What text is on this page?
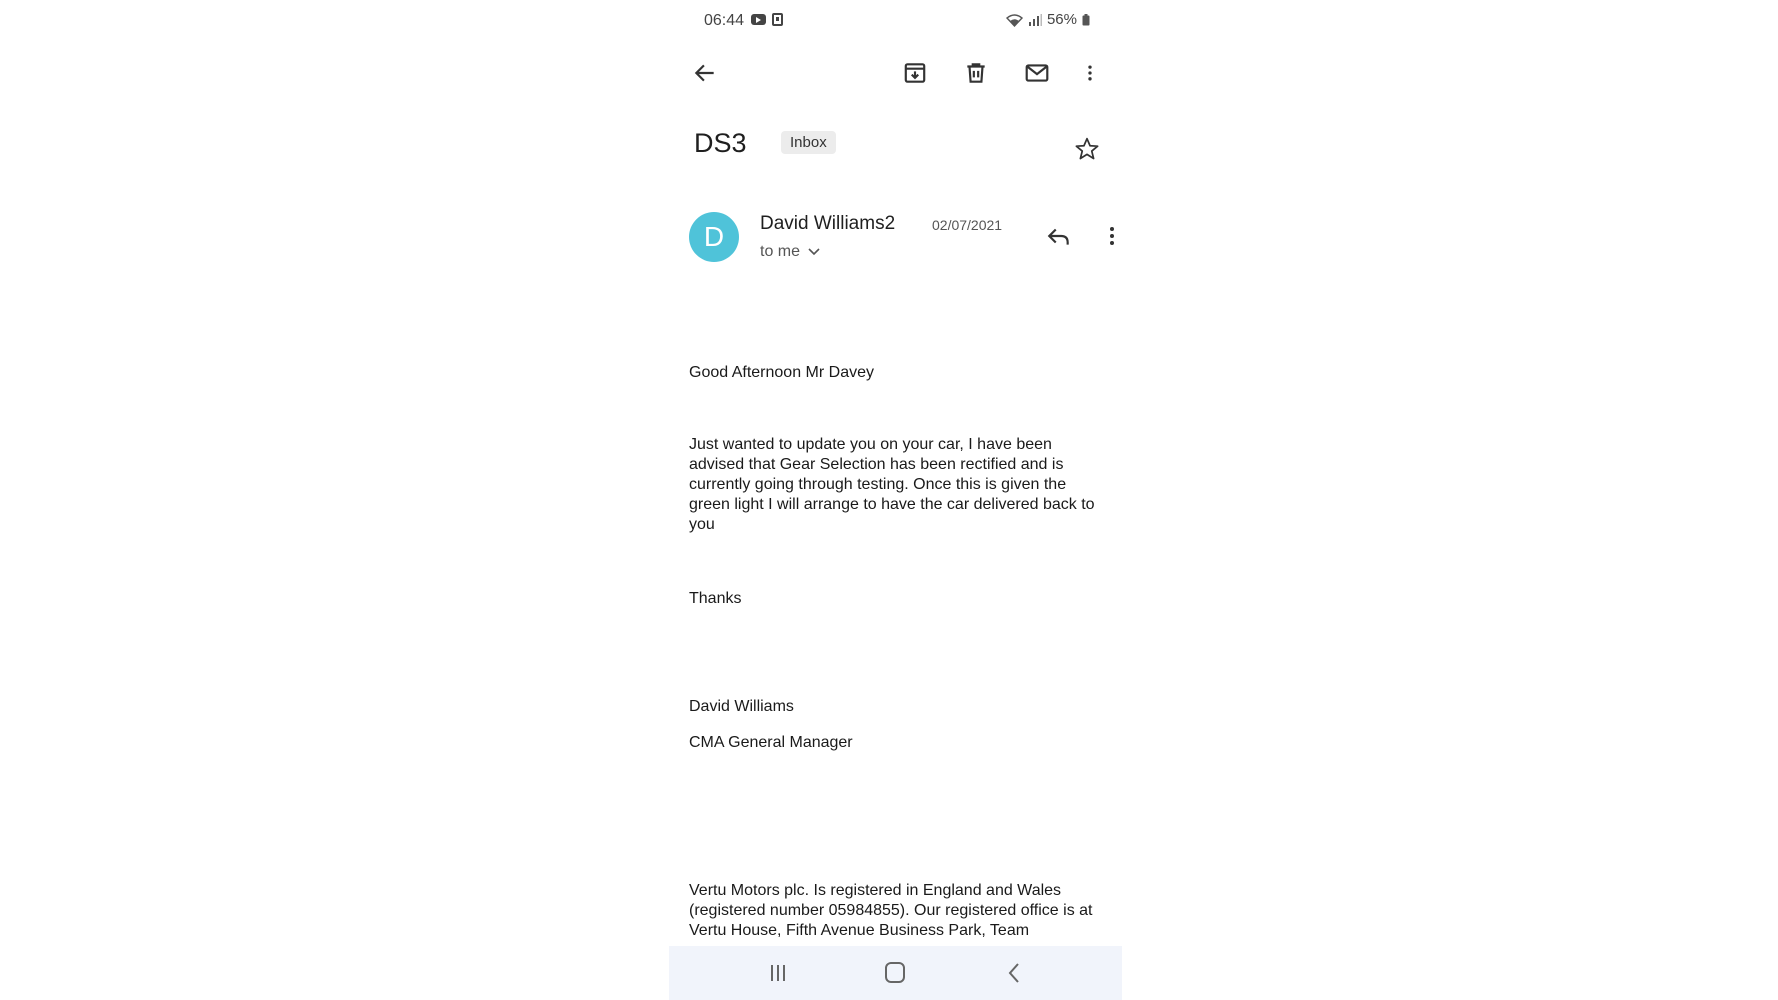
06:44	56%
DS3	Inbox
D	David Williams2	02/07/2021
to me
Good Afternoon Mr Davey
Just wanted to update you on your car, I have been advised that Gear Selection has been rectified and is currently going through testing. Once this is given the green light I will arrange to have the car delivered back to you
Thanks
David Williams
CMA General Manager
Vertu Motors plc. Is registered in England and Wales (registered number 05984855). Our registered office is at Vertu House, Fifth Avenue Business Park, Team
